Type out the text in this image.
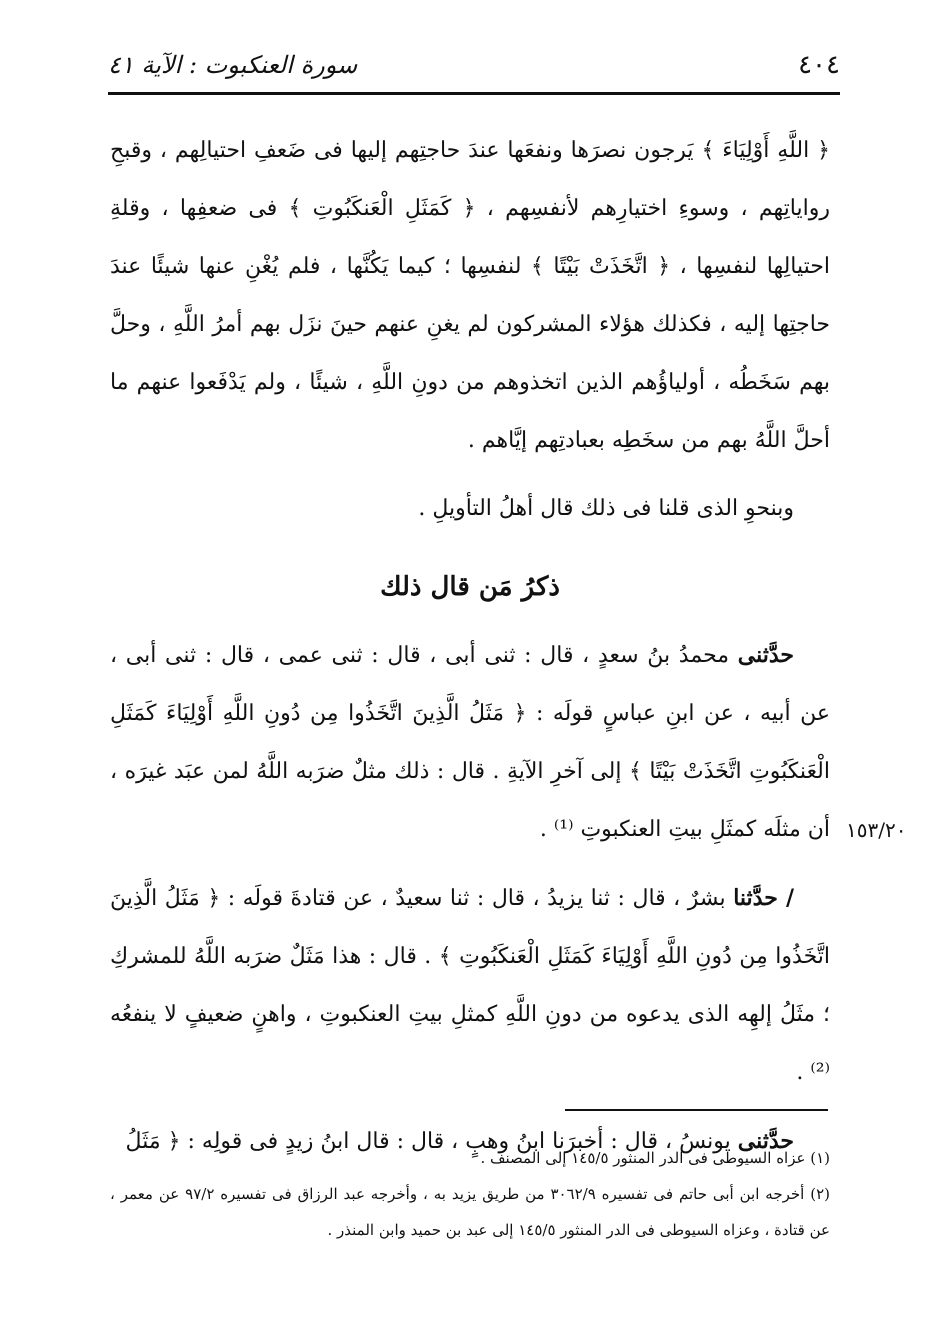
سورة العنكبوت : الآية ٤١	٤٠٤

﴿ اللَّهِ أَوْلِيَاءَ ﴾ يَرجون نصرَها ونفعَها عندَ حاجتِهم إليها فى ضَعفِ احتيالِهم ، وقبحِ رواياتِهم ، وسوءِ اختيارِهم لأنفسِهم ، ﴿ كَمَثَلِ الْعَنكَبُوتِ ﴾ فى ضعفِها ، وقلةِ احتيالِها لنفسِها ، ﴿ اتَّخَذَتْ بَيْتًا ﴾ لنفسِها ؛ كيما يَكُنَّها ، فلم يُغْنِ عنها شيئًا عندَ حاجتِها إليه ، فكذلك هؤلاء المشركون لم يغنِ عنهم حينَ نزَل بهم أمرُ اللَّهِ ، وحلَّ بهم سَخَطُه ، أولياؤُهم الذين اتخذوهم من دونِ اللَّهِ ، شيئًا ، ولم يَدْفَعوا عنهم ما أحلَّ اللَّهُ بهم من سخَطِه بعبادتِهم إيَّاهم .

وبنحوِ الذى قلنا فى ذلك قال أهلُ التأويلِ .

ذكرُ مَن قال ذلك

حدَّثنى محمدُ بنُ سعدٍ ، قال : ثنى أبى ، قال : ثنى عمى ، قال : ثنى أبى ، عن أبيه ، عن ابنِ عباسٍ قولَه : ﴿ مَثَلُ الَّذِينَ اتَّخَذُوا مِن دُونِ اللَّهِ أَوْلِيَاءَ كَمَثَلِ الْعَنكَبُوتِ اتَّخَذَتْ بَيْتًا ﴾ إلى آخرِ الآيةِ . قال : ذلك مثلٌ ضرَبه اللَّهُ لمن عبَد غيرَه ، أن مثلَه كمثَلِ بيتِ العنكبوتِ ⁽¹⁾ .

/ حدَّثنا بشرٌ ، قال : ثنا يزيدُ ، قال : ثنا سعيدٌ ، عن قتادةَ قولَه : ﴿ مَثَلُ الَّذِينَ اتَّخَذُوا مِن دُونِ اللَّهِ أَوْلِيَاءَ كَمَثَلِ الْعَنكَبُوتِ ﴾ . قال : هذا مَثَلٌ ضرَبه اللَّهُ للمشركِ ؛ مثَلُ إلهِه الذى يدعوه من دونِ اللَّهِ كمثلِ بيتِ العنكبوتِ ، واهنٍ ضعيفٍ لا ينفعُه ⁽²⁾ .

حدَّثنى يونسُ ، قال : أخبرَنا ابنُ وهبٍ ، قال : قال ابنُ زيدٍ فى قولِه : ﴿ مَثَلُ

١٥٣/٢٠

(١) عزاه السيوطى فى الدر المنثور ١٤٥/٥ إلى المصنف .

(٢) أخرجه ابن أبى حاتم فى تفسيره ٣٠٦٢/٩ من طريق يزيد به ، وأخرجه عبد الرزاق فى تفسيره ٩٧/٢ عن معمر ، عن قتادة ، وعزاه السيوطى فى الدر المنثور ١٤٥/٥ إلى عبد بن حميد وابن المنذر .
